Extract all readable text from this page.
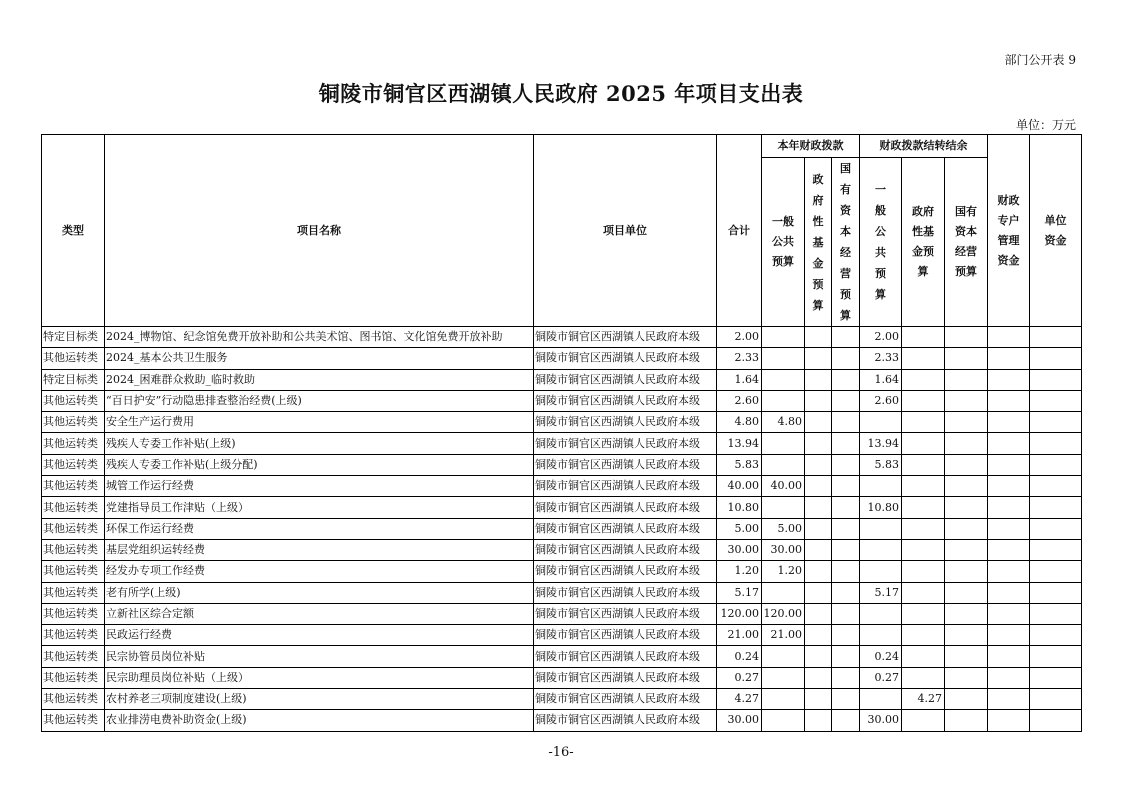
部门公开表 9
铜陵市铜官区西湖镇人民政府 2025 年项目支出表
单位：万元
类型	项目名称	项目单位	合计	本年财政拨款			财政拨款结转结余			财政专户管理资金	单位资金
				一般公共预算	政府性基金预算	国有资本经营预算	一般公共预算	政府性基金预算	国有资本经营预算		
特定目标类	2024_博物馆、纪念馆免费开放补助和公共美术馆、图书馆、文化馆免费开放补助	铜陵市铜官区西湖镇人民政府本级	2.00				2.00				
其他运转类	2024_基本公共卫生服务	铜陵市铜官区西湖镇人民政府本级	2.33				2.33				
特定目标类	2024_困难群众救助_临时救助	铜陵市铜官区西湖镇人民政府本级	1.64				1.64				
其他运转类	“百日护安”行动隐患排查整治经费(上级)	铜陵市铜官区西湖镇人民政府本级	2.60				2.60				
其他运转类	安全生产运行费用	铜陵市铜官区西湖镇人民政府本级	4.80	4.80							
其他运转类	残疾人专委工作补贴(上级)	铜陵市铜官区西湖镇人民政府本级	13.94				13.94				
其他运转类	残疾人专委工作补贴(上级分配)	铜陵市铜官区西湖镇人民政府本级	5.83				5.83				
其他运转类	城管工作运行经费	铜陵市铜官区西湖镇人民政府本级	40.00	40.00							
其他运转类	党建指导员工作津贴（上级）	铜陵市铜官区西湖镇人民政府本级	10.80				10.80				
其他运转类	环保工作运行经费	铜陵市铜官区西湖镇人民政府本级	5.00	5.00							
其他运转类	基层党组织运转经费	铜陵市铜官区西湖镇人民政府本级	30.00	30.00							
其他运转类	经发办专项工作经费	铜陵市铜官区西湖镇人民政府本级	1.20	1.20							
其他运转类	老有所学(上级)	铜陵市铜官区西湖镇人民政府本级	5.17				5.17				
其他运转类	立新社区综合定额	铜陵市铜官区西湖镇人民政府本级	120.00	120.00							
其他运转类	民政运行经费	铜陵市铜官区西湖镇人民政府本级	21.00	21.00							
其他运转类	民宗协管员岗位补贴	铜陵市铜官区西湖镇人民政府本级	0.24				0.24				
其他运转类	民宗助理员岗位补贴（上级）	铜陵市铜官区西湖镇人民政府本级	0.27				0.27				
其他运转类	农村养老三项制度建设(上级)	铜陵市铜官区西湖镇人民政府本级	4.27					4.27			
其他运转类	农业排涝电费补助资金(上级)	铜陵市铜官区西湖镇人民政府本级	30.00				30.00				
-16-
